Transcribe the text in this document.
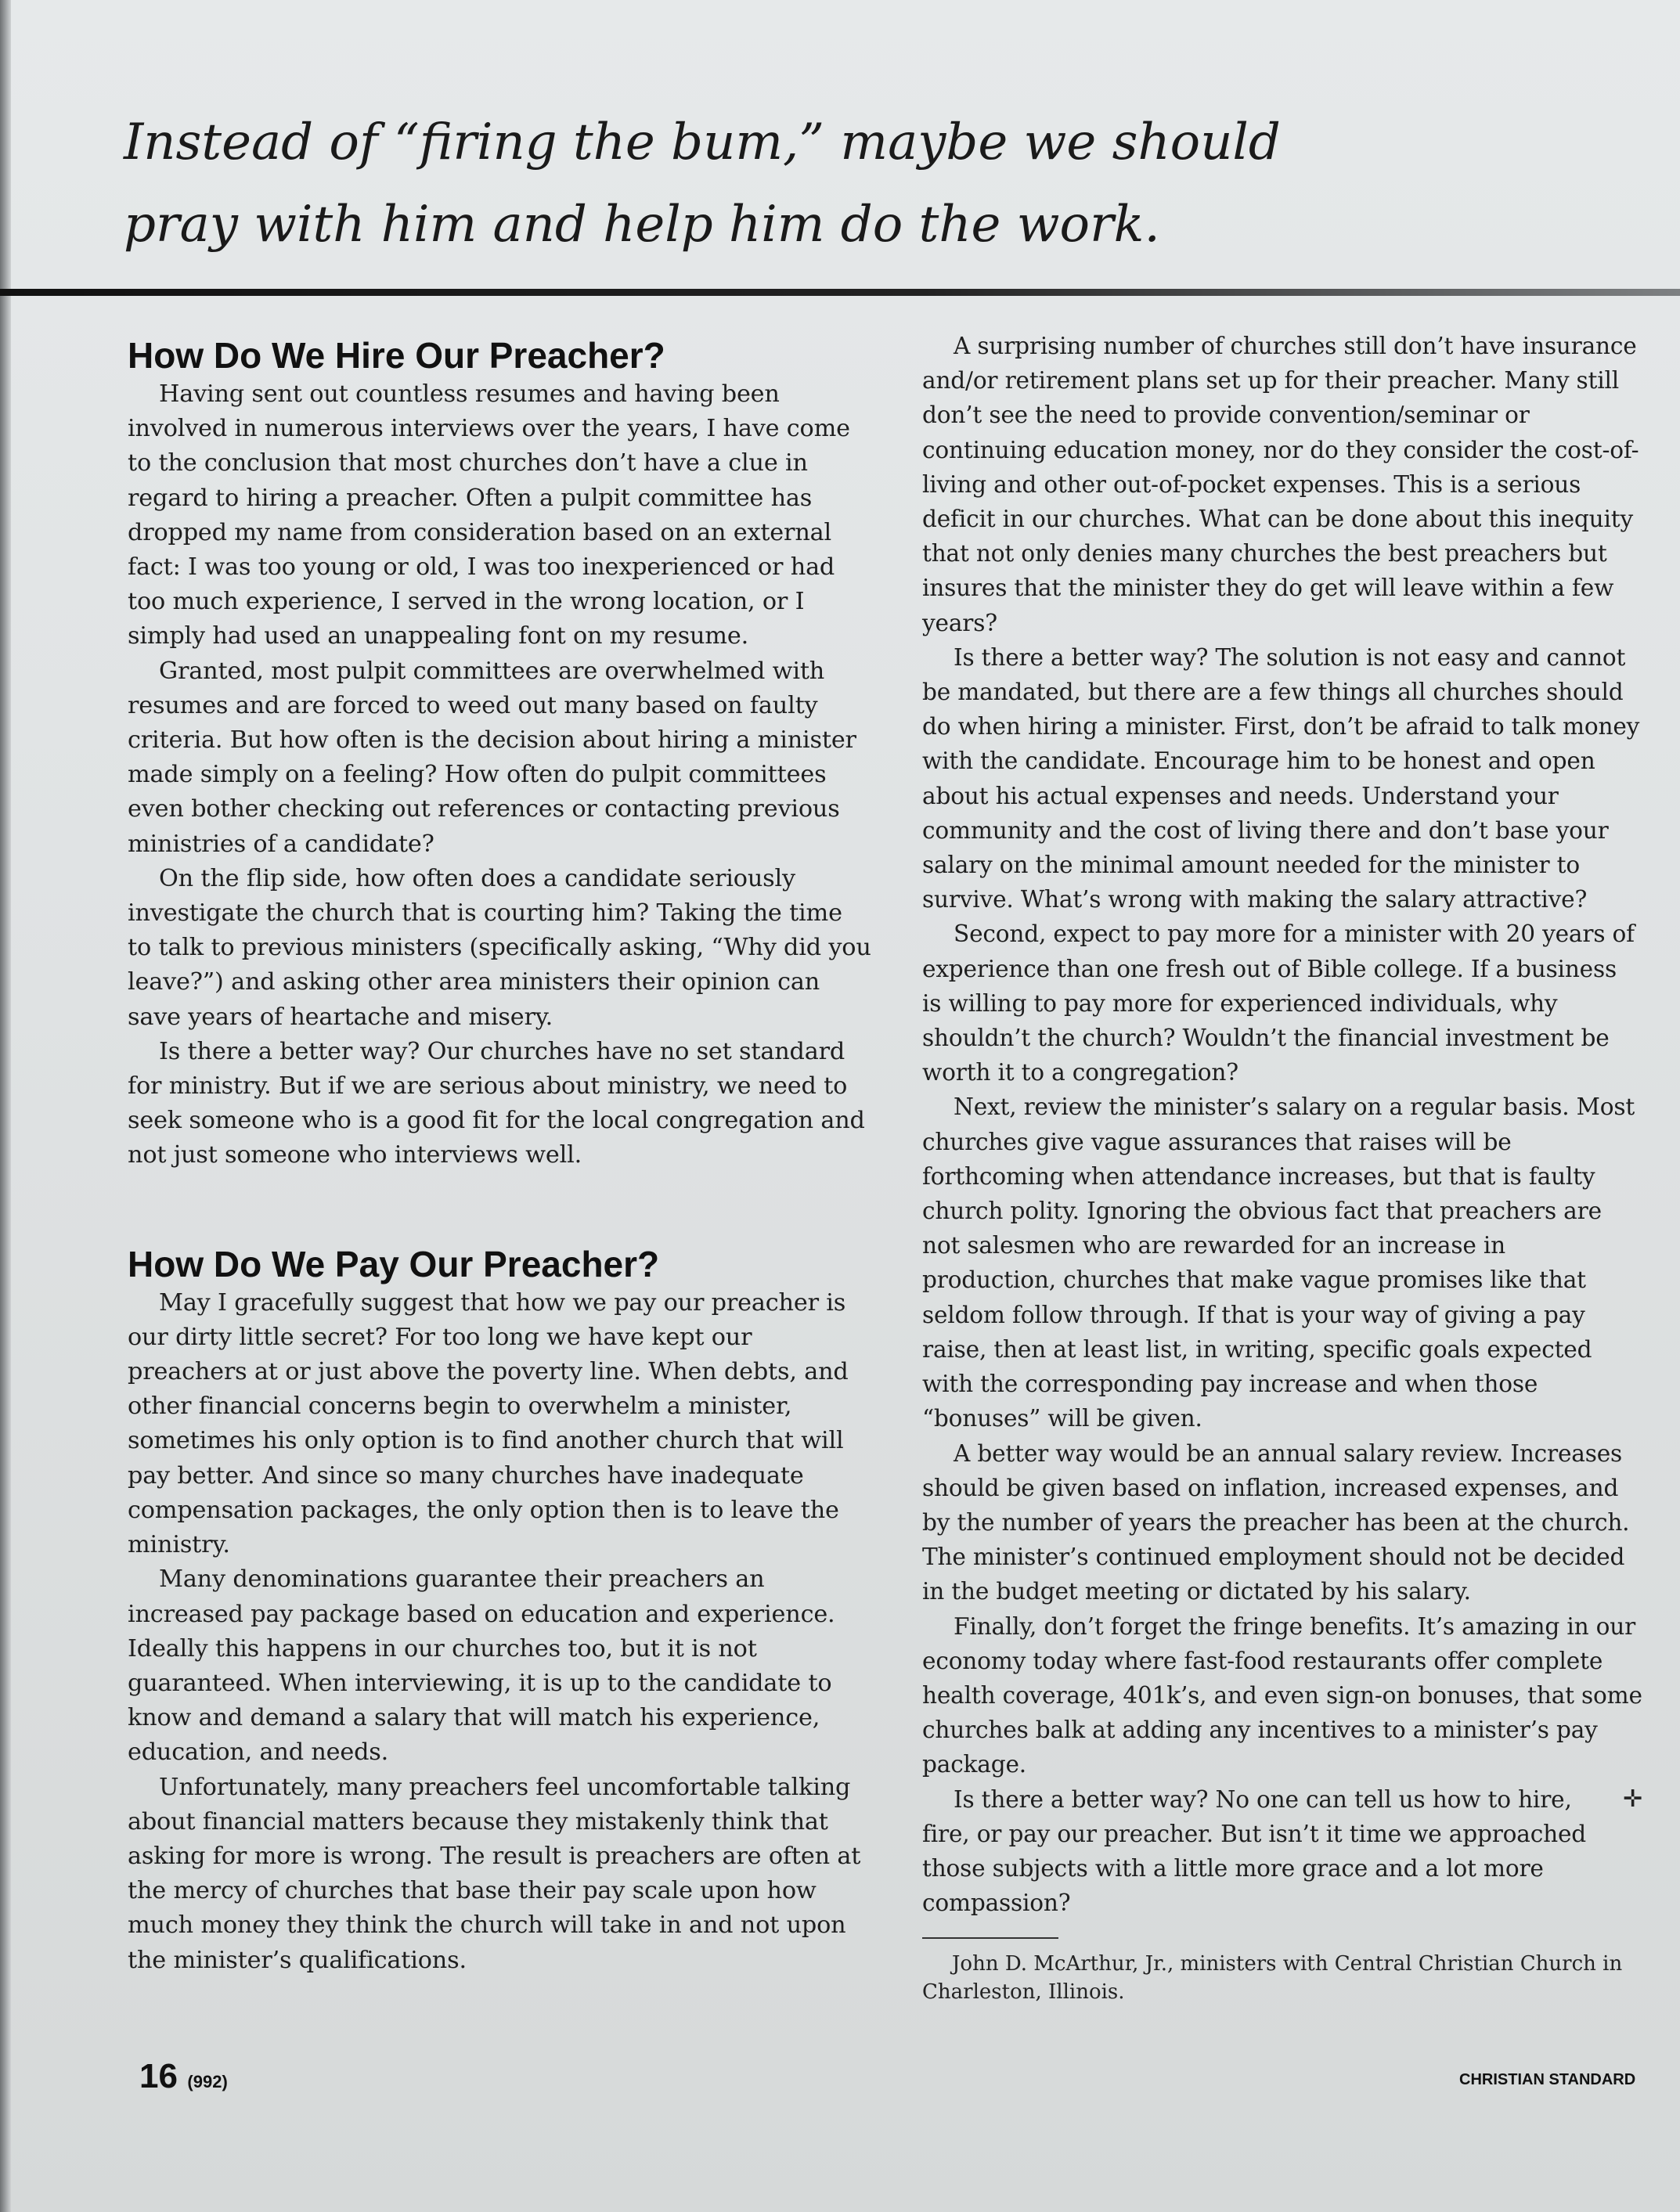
Instead of “firing the bum,” maybe we should
pray with him and help him do the work.
How Do We Hire Our Preacher?

Having sent out countless resumes and having been involved in numerous interviews over the years, I have come to the conclusion that most churches don’t have a clue in regard to hiring a preacher. Often a pulpit committee has dropped my name from consideration based on an external fact: I was too young or old, I was too inexperienced or had too much experience, I served in the wrong location, or I simply had used an unappealing font on my resume.

Granted, most pulpit committees are overwhelmed with resumes and are forced to weed out many based on faulty criteria. But how often is the decision about hiring a minister made simply on a feeling? How often do pulpit committees even bother checking out references or contacting previous ministries of a candidate?

On the flip side, how often does a candidate seriously investigate the church that is courting him? Taking the time to talk to previous ministers (specifically asking, “Why did you leave?”) and asking other area ministers their opinion can save years of heartache and misery.

Is there a better way? Our churches have no set standard for ministry. But if we are serious about ministry, we need to seek someone who is a good fit for the local congregation and not just someone who interviews well.

How Do We Pay Our Preacher?

May I gracefully suggest that how we pay our preacher is our dirty little secret? For too long we have kept our preachers at or just above the poverty line. When debts, and other financial concerns begin to overwhelm a minister, sometimes his only option is to find another church that will pay better. And since so many churches have inadequate compensation packages, the only option then is to leave the ministry.

Many denominations guarantee their preachers an increased pay package based on education and experience. Ideally this happens in our churches too, but it is not guaranteed. When interviewing, it is up to the candidate to know and demand a salary that will match his experience, education, and needs.

Unfortunately, many preachers feel uncomfortable talking about financial matters because they mistakenly think that asking for more is wrong. The result is preachers are often at the mercy of churches that base their pay scale upon how much money they think the church will take in and not upon the minister’s qualifications.

A surprising number of churches still don’t have insurance and/or retirement plans set up for their preacher. Many still don’t see the need to provide convention/seminar or continuing education money, nor do they consider the cost-of-living and other out-of-pocket expenses. This is a serious deficit in our churches. What can be done about this inequity that not only denies many churches the best preachers but insures that the minister they do get will leave within a few years?

Is there a better way? The solution is not easy and cannot be mandated, but there are a few things all churches should do when hiring a minister. First, don’t be afraid to talk money with the candidate. Encourage him to be honest and open about his actual expenses and needs. Understand your community and the cost of living there and don’t base your salary on the minimal amount needed for the minister to survive. What’s wrong with making the salary attractive?

Second, expect to pay more for a minister with 20 years of experience than one fresh out of Bible college. If a business is willing to pay more for experienced individuals, why shouldn’t the church? Wouldn’t the financial investment be worth it to a congregation?

Next, review the minister’s salary on a regular basis. Most churches give vague assurances that raises will be forthcoming when attendance increases, but that is faulty church polity. Ignoring the obvious fact that preachers are not salesmen who are rewarded for an increase in production, churches that make vague promises like that seldom follow through. If that is your way of giving a pay raise, then at least list, in writing, specific goals expected with the corresponding pay increase and when those “bonuses” will be given.

A better way would be an annual salary review. Increases should be given based on inflation, increased expenses, and by the number of years the preacher has been at the church. The minister’s continued employment should not be decided in the budget meeting or dictated by his salary.

Finally, don’t forget the fringe benefits. It’s amazing in our economy today where fast-food restaurants offer complete health coverage, 401k’s, and even sign-on bonuses, that some churches balk at adding any incentives to a minister’s pay package.

✛
Is there a better way? No one can tell us how to hire, fire, or pay our preacher. But isn’t it time we approached those subjects with a little more grace and a lot more compassion?

John D. McArthur, Jr., ministers with Central Christian Church in Charleston, Illinois.

16 (992)	CHRISTIAN STANDARD
